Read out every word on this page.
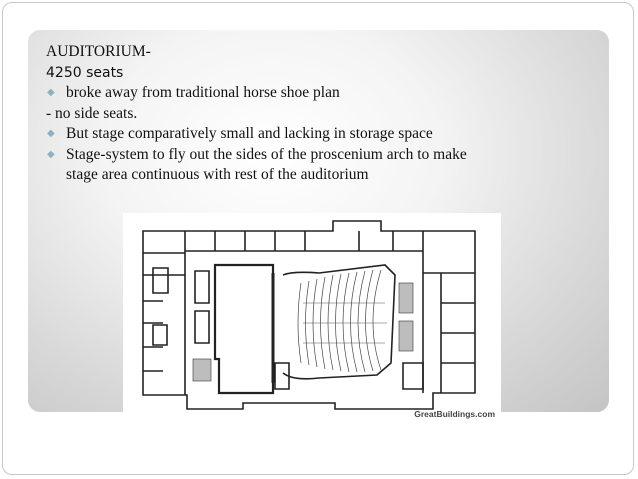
AUDITORIUM-

4250 seats

◆ broke away from traditional horse shoe plan

- no side seats.

◆ But stage comparatively small and lacking in storage space

◆ Stage-system to fly out the sides of the proscenium arch to make

stage area continuous with rest of the auditorium

GreatBuildings.com
